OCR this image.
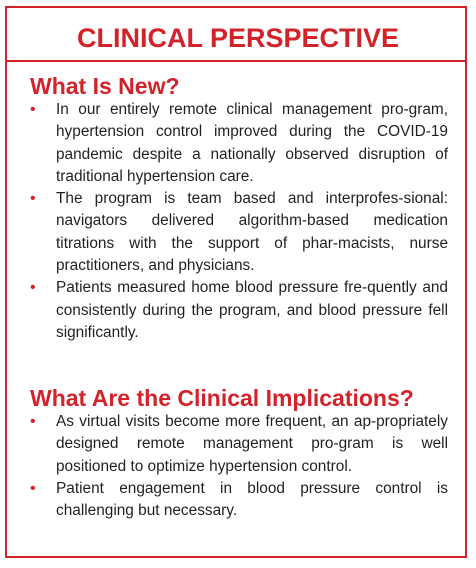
CLINICAL PERSPECTIVE
What Is New?
• In our entirely remote clinical management pro-gram, hypertension control improved during the COVID-19 pandemic despite a nationally observed disruption of traditional hypertension care.
• The program is team based and interprofes-sional: navigators delivered algorithm-based medication titrations with the support of phar-macists, nurse practitioners, and physicians.
• Patients measured home blood pressure fre-quently and consistently during the program, and blood pressure fell significantly.
What Are the Clinical Implications?
• As virtual visits become more frequent, an ap-propriately designed remote management pro-gram is well positioned to optimize hypertension control.
• Patient engagement in blood pressure control is challenging but necessary.
